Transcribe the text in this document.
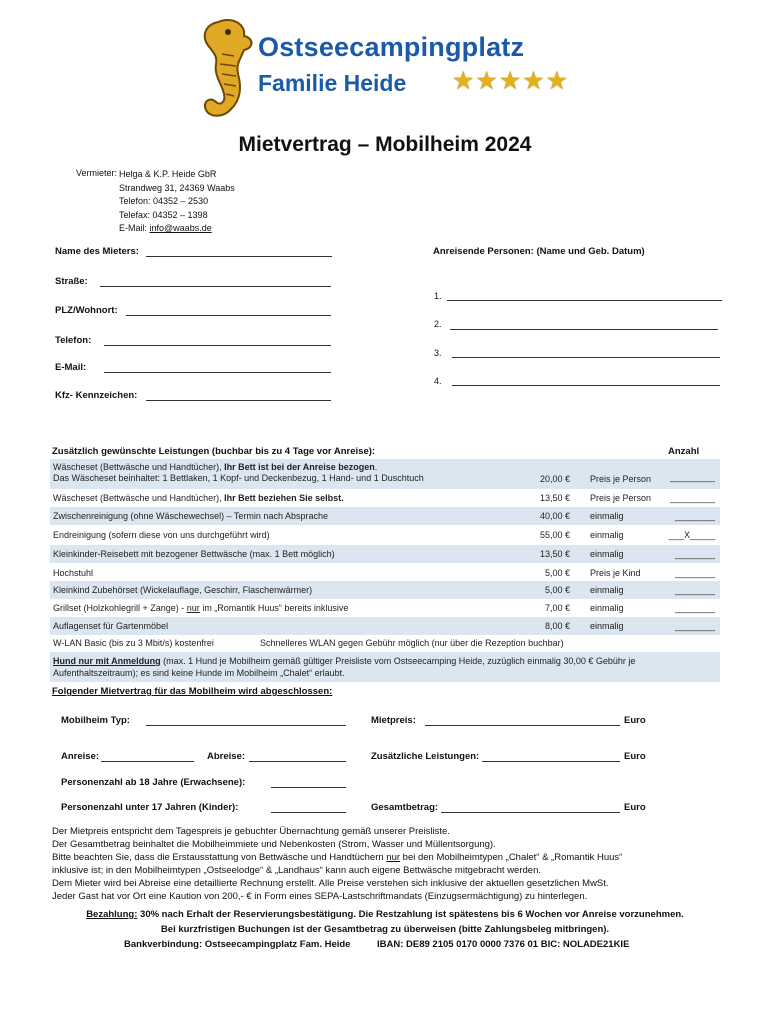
Ostseecampingplatz
Familie Heide ★★★★★
Mietvertrag – Mobilheim 2024
Vermieter: Helga & K.P. Heide GbR
Strandweg 31, 24369 Waabs
Telefon: 04352 – 2530
Telefax: 04352 – 1398
E-Mail: info@waabs.de
Name des Mieters:	Anreisende Personen: (Name und Geb. Datum)
Straße:
1.
PLZ/Wohnort:
2.
Telefon:
3.
E-Mail:
4.
Kfz- Kennzeichen:
Zusätzlich gewünschte Leistungen (buchbar bis zu 4 Tage vor Anreise):	Anzahl
Wäscheset (Bettwäsche und Handtücher), Ihr Bett ist bei der Anreise bezogen.
Das Wäscheset beinhaltet: 1 Bettlaken, 1 Kopf- und Deckenbezug, 1 Hand- und 1 Duschtuch	20,00 € Preis je Person	_________
Wäscheset (Bettwäsche und Handtücher), Ihr Bett beziehen Sie selbst.	13,50 € Preis je Person	_________
Zwischenreinigung (ohne Wäschewechsel) – Termin nach Absprache	40,00 € einmalig	________
Endreinigung (sofern diese von uns durchgeführt wird)	55,00 € einmalig	___X_____
Kleinkinder-Reisebett mit bezogener Bettwäsche (max. 1 Bett möglich)	13,50 € einmalig	________
Hochstuhl	5,00 € Preis je Kind	________
Kleinkind Zubehörset (Wickelauflage, Geschirr, Flaschenwärmer)	5,00 € einmalig	________
Grillset (Holzkohlegrill + Zange) - nur im „Romantik Huus“ bereits inklusive	7,00 € einmalig	________
Auflagenset für Gartenmöbel	8,00 € einmalig	________
W-LAN Basic (bis zu 3 Mbit/s) kostenfrei	Schnelleres WLAN gegen Gebühr möglich (nur über die Rezeption buchbar)
Hund nur mit Anmeldung (max. 1 Hund je Mobilheim gemäß gültiger Preisliste vom Ostseecamping Heide, zuzüglich einmalig 30,00 € Gebühr je
Aufenthaltszeitraum); es sind keine Hunde im Mobilheim „Chalet“ erlaubt.
Folgender Mietvertrag für das Mobilheim wird abgeschlossen:
Mobilheim Typ:	Mietpreis:	Euro
Anreise:	Abreise:	Zusätzliche Leistungen:	Euro
Personenzahl ab 18 Jahre (Erwachsene):
Personenzahl unter 17 Jahren (Kinder):	Gesamtbetrag:	Euro
Der Mietpreis entspricht dem Tagespreis je gebuchter Übernachtung gemäß unserer Preisliste.
Der Gesamtbetrag beinhaltet die Mobilheimmiete und Nebenkosten (Strom, Wasser und Müllentsorgung).
Bitte beachten Sie, dass die Erstausstattung von Bettwäsche und Handtüchern nur bei den Mobilheimtypen „Chalet“ & „Romantik Huus“
inklusive ist; in den Mobilheimtypen „Ostseelodge“ & „Landhaus“ kann auch eigene Bettwäsche mitgebracht werden.
Dem Mieter wird bei Abreise eine detaillierte Rechnung erstellt. Alle Preise verstehen sich inklusive der aktuellen gesetzlichen MwSt.
Jeder Gast hat vor Ort eine Kaution von 200,- € in Form eines SEPA-Lastschriftmandats (Einzugsermächtigung) zu hinterlegen.
Bezahlung: 30% nach Erhalt der Reservierungsbestätigung. Die Restzahlung ist spätestens bis 6 Wochen vor Anreise vorzunehmen.
Bei kurzfristigen Buchungen ist der Gesamtbetrag zu überweisen (bitte Zahlungsbeleg mitbringen).
Bankverbindung: Ostseecampingplatz Fam. Heide	IBAN: DE89 2105 0170 0000 7376 01 BIC: NOLADE21KIE
